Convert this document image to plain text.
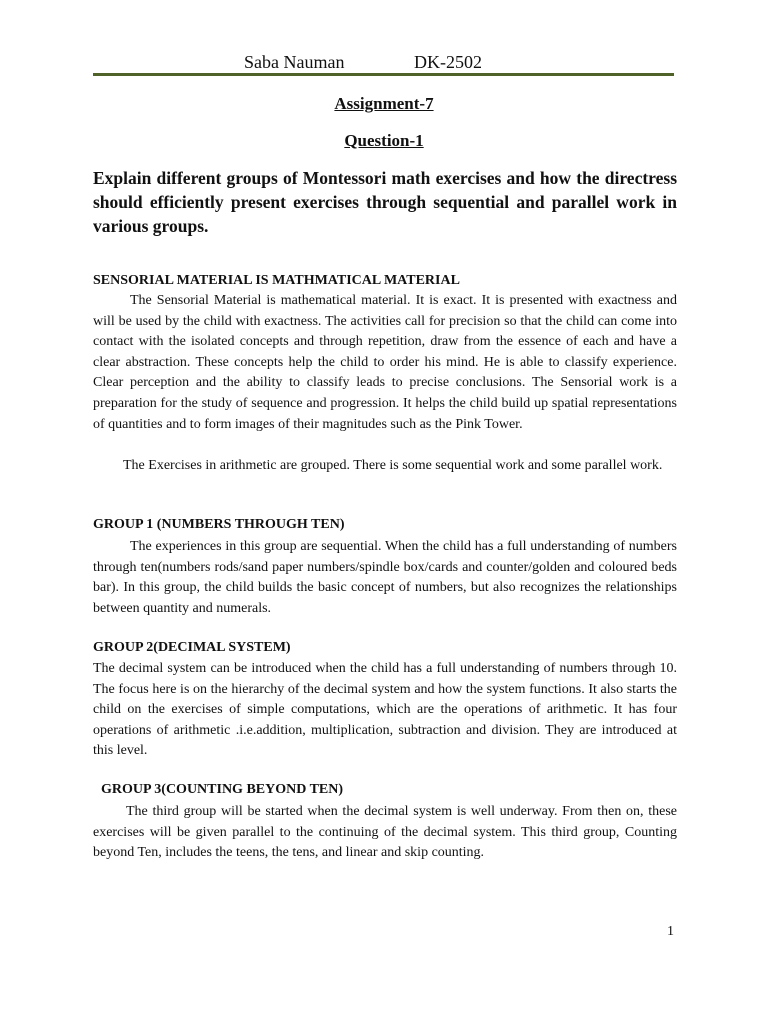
Saba Nauman	DK-2502
Assignment-7
Question-1
Explain different groups of Montessori math exercises and how the directress should efficiently present exercises through sequential and parallel work in various groups.
SENSORIAL MATERIAL IS MATHMATICAL MATERIAL
The Sensorial Material is mathematical material. It is exact. It is presented with exactness and will be used by the child with exactness. The activities call for precision so that the child can come into contact with the isolated concepts and through repetition, draw from the essence of each and have a clear abstraction. These concepts help the child to order his mind. He is able to classify experience. Clear perception and the ability to classify leads to precise conclusions. The Sensorial work is a preparation for the study of sequence and progression. It helps the child build up spatial representations of quantities and to form images of their magnitudes such as the Pink Tower.
The Exercises in arithmetic are grouped. There is some sequential work and some parallel work.
GROUP 1 (NUMBERS THROUGH TEN)
The experiences in this group are sequential. When the child has a full understanding of numbers through ten(numbers rods/sand paper numbers/spindle box/cards and counter/golden and coloured beds bar). In this group, the child builds the basic concept of numbers, but also recognizes the relationships between quantity and numerals.
GROUP 2(DECIMAL SYSTEM)
The decimal system can be introduced when the child has a full understanding of numbers through 10. The focus here is on the hierarchy of the decimal system and how the system functions. It also starts the child on the exercises of simple computations, which are the operations of arithmetic. It has four operations of arithmetic .i.e.addition, multiplication, subtraction and division. They are introduced at this level.
GROUP 3(COUNTING BEYOND TEN)
The third group will be started when the decimal system is well underway. From then on, these exercises will be given parallel to the continuing of the decimal system. This third group, Counting beyond Ten, includes the teens, the tens, and linear and skip counting.
1
